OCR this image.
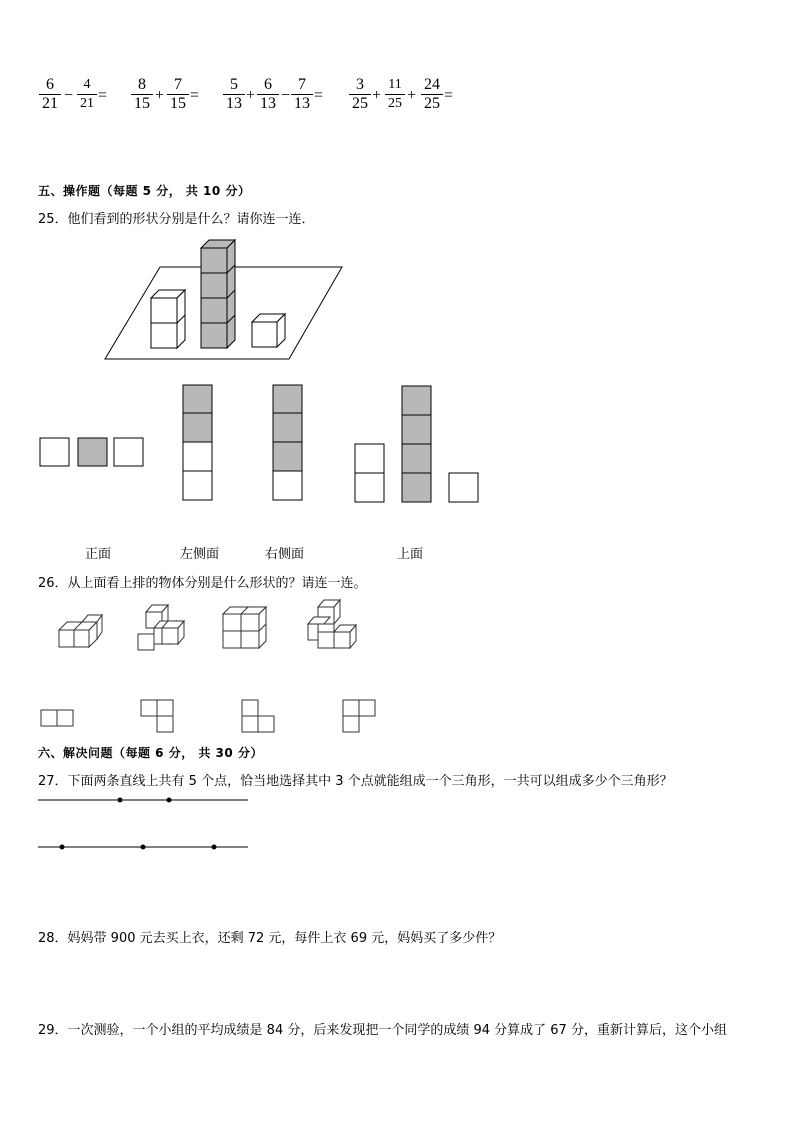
6
21 −
4
21 =
8
15 +
7
15 =
5
13 +
6
13 −
7
13 =
3
25 +
11
25 +
24
25 =
五、操作题（每题 5 分， 共 10 分）
25．他们看到的形状分别是什么？请你连一连．
正面	左侧面	右侧面	上面
26．从上面看上排的物体分别是什么形状的？请连一连。
六、解决问题（每题 6 分， 共 30 分）
27．下面两条直线上共有 5 个点，恰当地选择其中 3 个点就能组成一个三角形，一共可以组成多少个三角形？
28．妈妈带 900 元去买上衣，还剩 72 元，每件上衣 69 元，妈妈买了多少件？
29．一次测验，一个小组的平均成绩是 84 分，后来发现把一个同学的成绩 94 分算成了 67 分，重新计算后，这个小组
